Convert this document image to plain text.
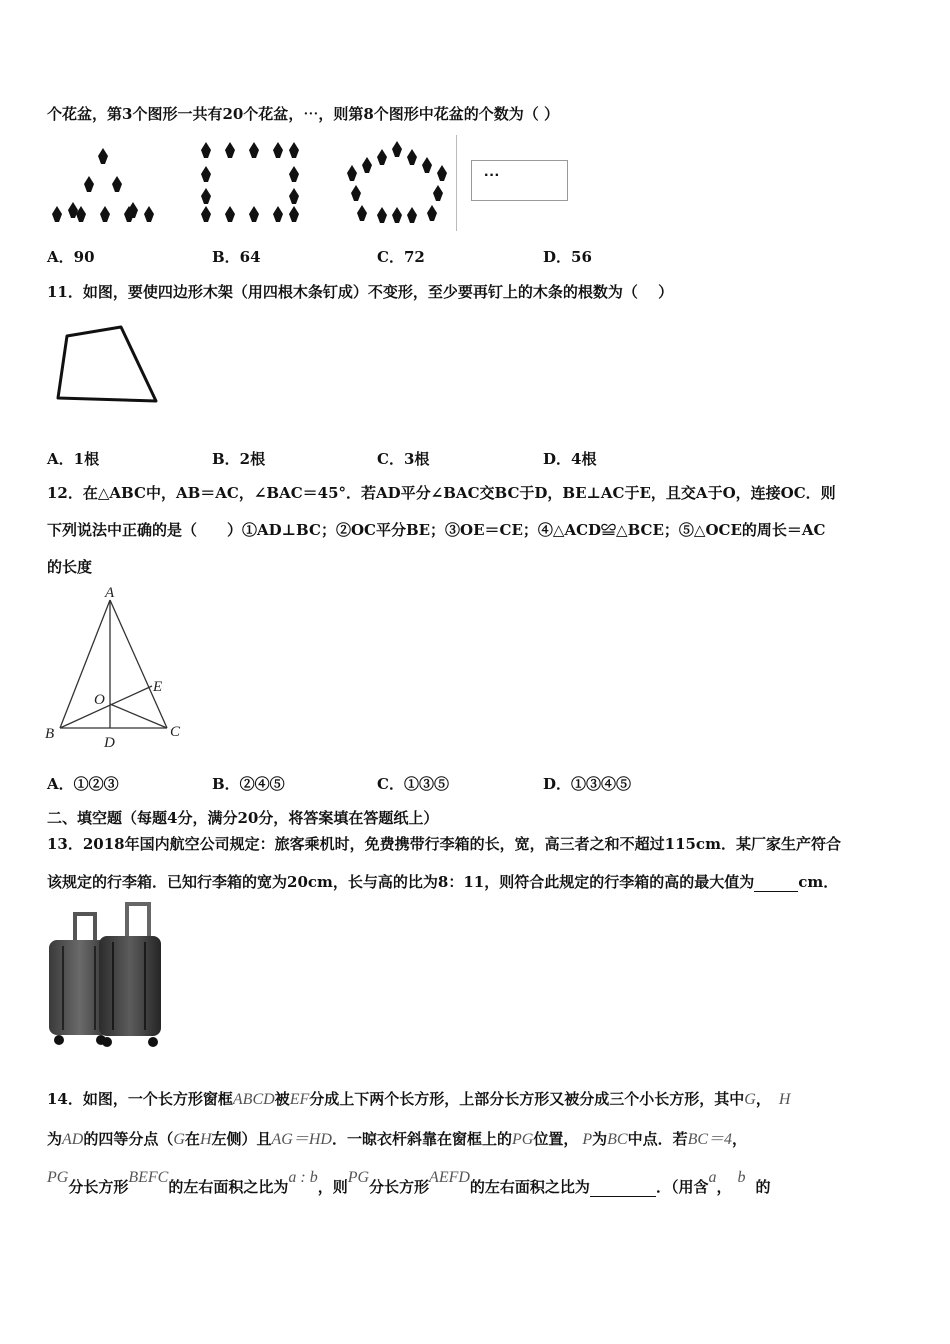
个花盆，第3个图形一共有20个花盆，⋯，则第8个图形中花盆的个数为（ ）
···
A．90	B．64	C．72	D．56
11．如图，要使四边形木架（用四根木条钉成）不变形，至少要再钉上的木条的根数为（　 ）
A．1根	B．2根	C．3根	D．4根
12．在△ABC中，AB＝AC，∠BAC＝45°．若AD平分∠BAC交BC于D，BE⊥AC于E，且交A于O，连接OC．则
下列说法中正确的是（　　）①AD⊥BC；②OC平分BE；③OE＝CE；④△ACD≌△BCE；⑤△OCE的周长＝AC
的长度
A
B	C
D
E
O
A．①②③	B．②④⑤	C．①③⑤	D．①③④⑤
二、填空题（每题4分，满分20分，将答案填在答题纸上）
13．2018年国内航空公司规定：旅客乘机时，免费携带行李箱的长，宽，高三者之和不超过115cm．某厂家生产符合
该规定的行李箱．已知行李箱的宽为20cm，长与高的比为8：11，则符合此规定的行李箱的高的最大值为	cm．
14．如图，一个长方形窗框ABCD被EF分成上下两个长方形，上部分长方形又被分成三个小长方形，其中G， H
为AD的四等分点（G在H左侧）且AG＝HD．一晾衣杆斜靠在窗框上的PG位置， P为BC中点．若BC＝4，
PG分长方形BEFC的左右面积之比为a : b，则PG分长方形AEFD的左右面积之比为	．（用含a，b的
